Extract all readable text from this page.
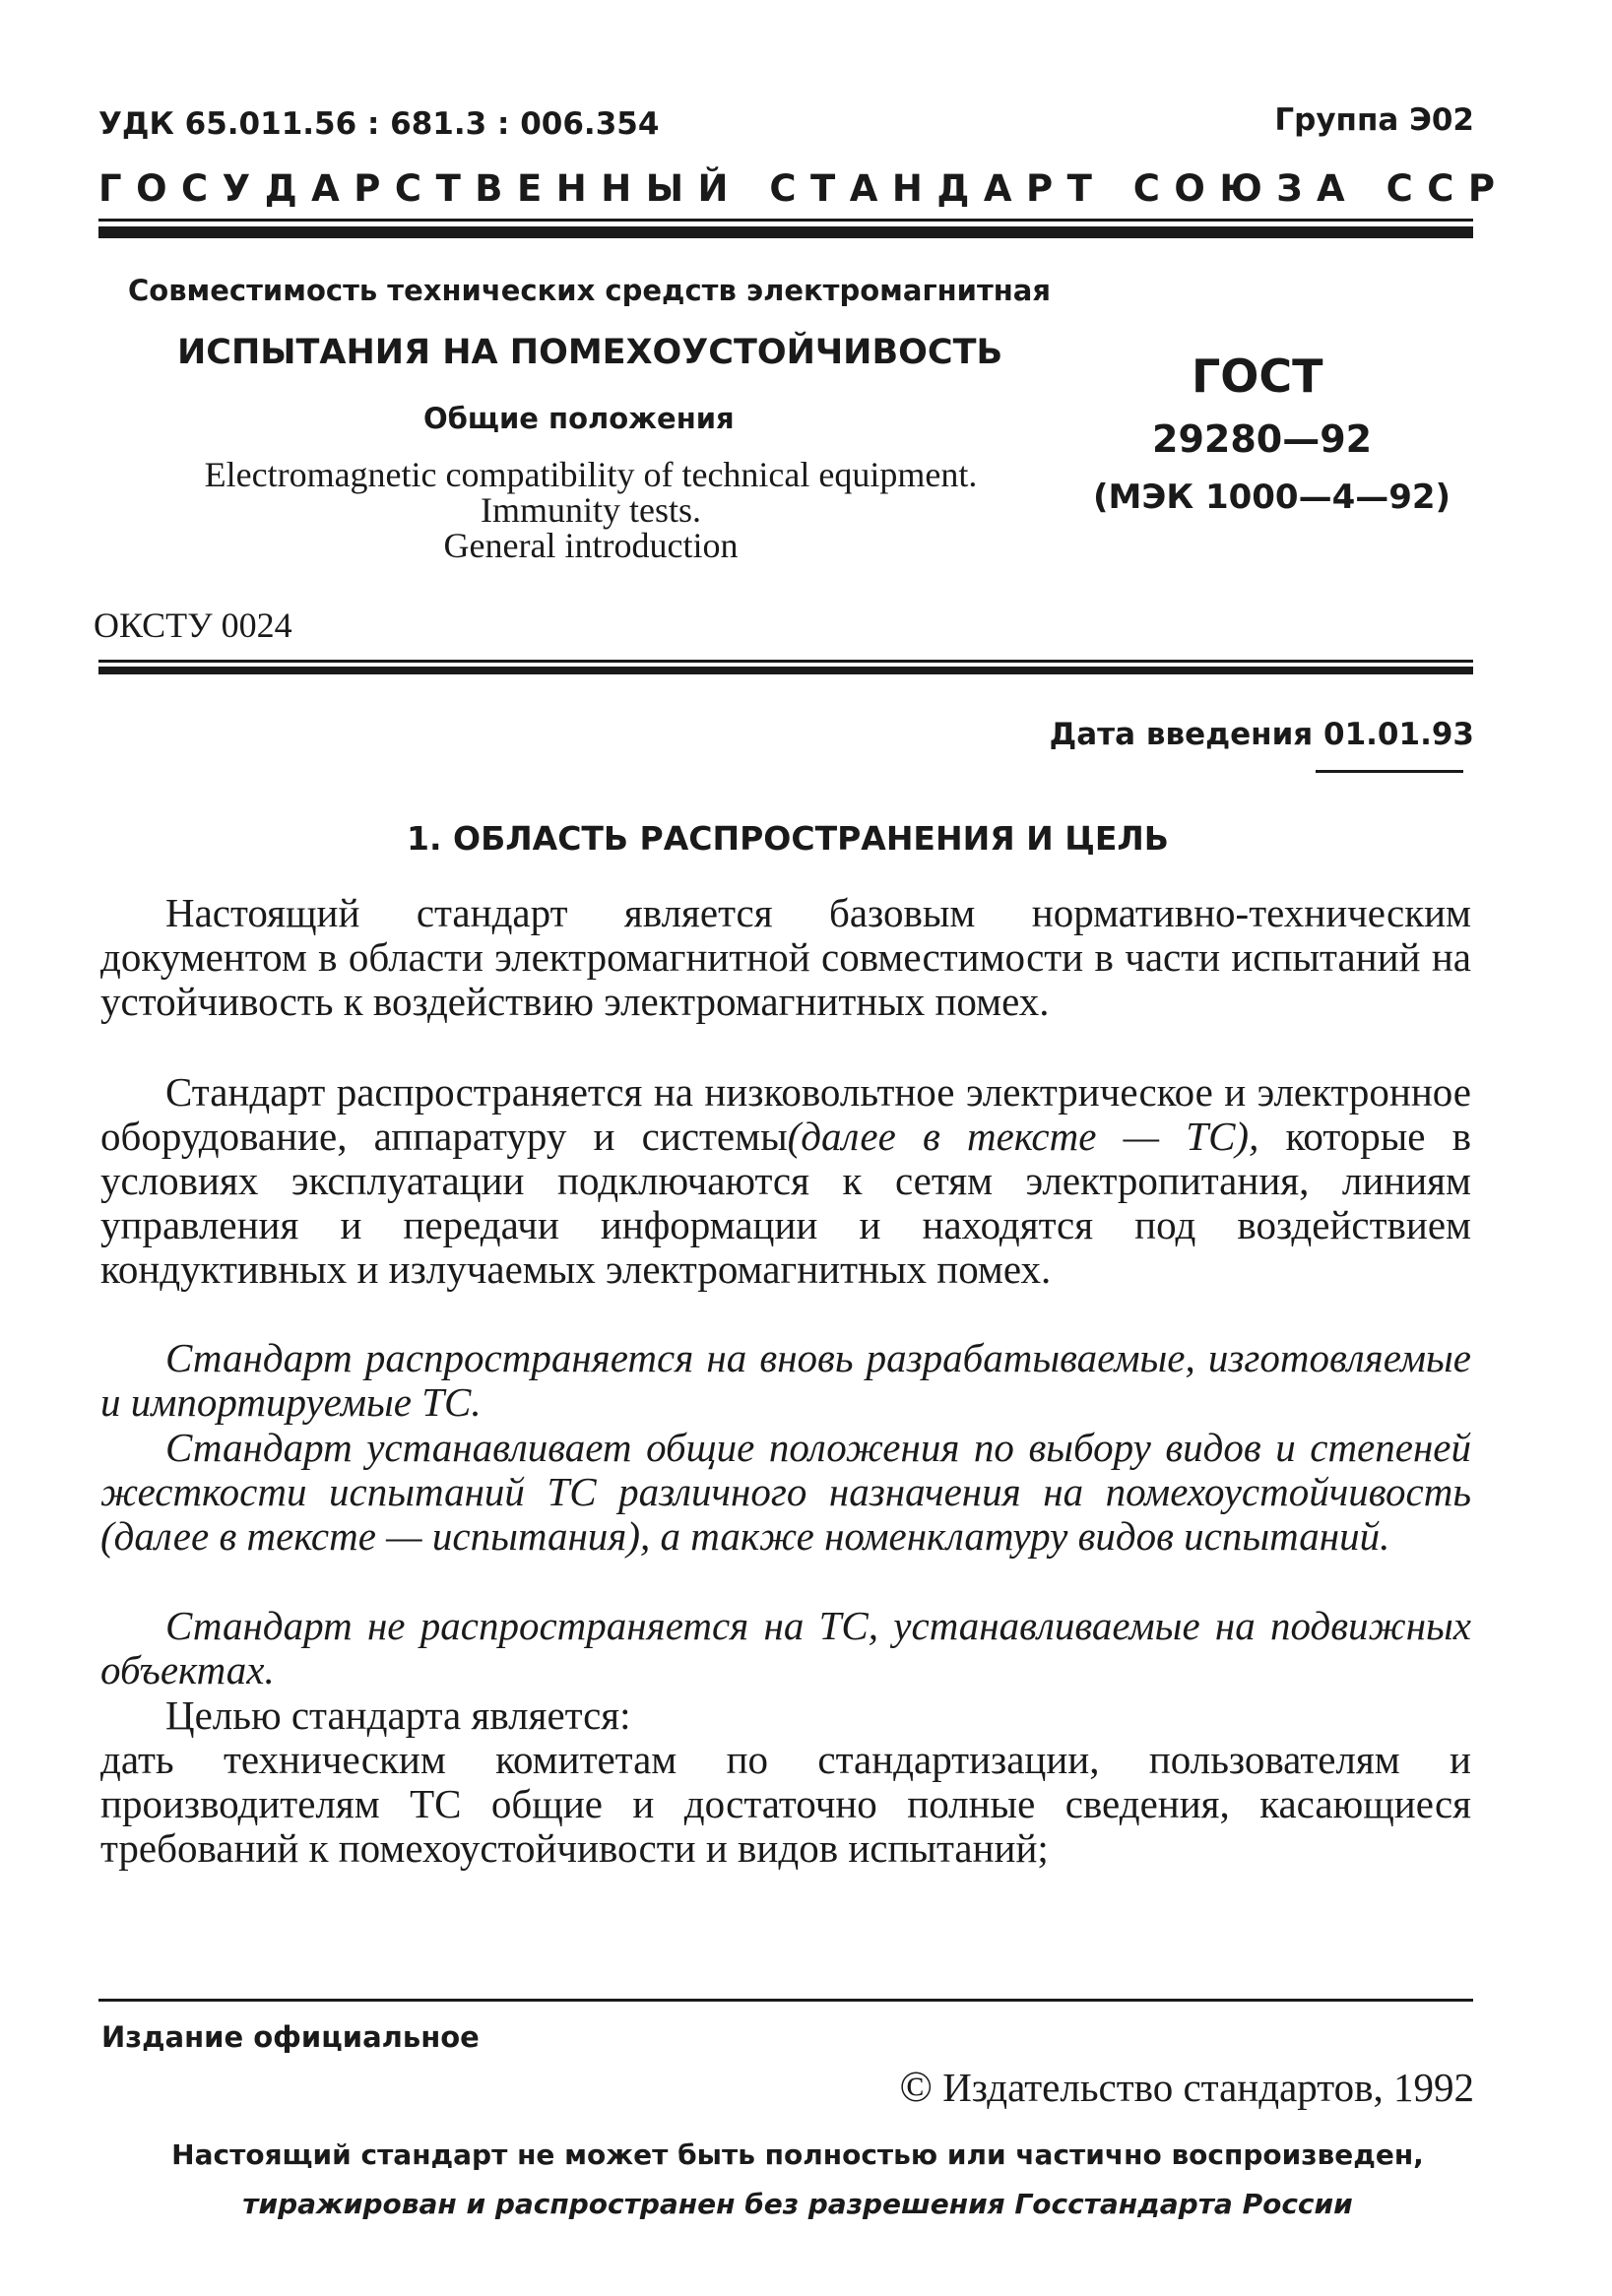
УДК 65.011.56 : 681.3 : 006.354	Группа Э02
ГОСУДАРСТВЕННЫЙ СТАНДАРТ СОЮЗА ССР
Совместимость технических средств электромагнитная
ИСПЫТАНИЯ НА ПОМЕХОУСТОЙЧИВОСТЬ
Общие положения
Electromagnetic compatibility of technical equipment.
Immunity tests.
General introduction
ГОСТ
29280—92
(МЭК 1000—4—92)
ОКСТУ 0024
Дата введения 01.01.93
1. ОБЛАСТЬ РАСПРОСТРАНЕНИЯ И ЦЕЛЬ

Настоящий стандарт является базовым нормативно-техническим документом в области электромагнитной совместимости в части испытаний на устойчивость к воздействию электромагнитных помех.

Стандарт распространяется на низковольтное электрическое и электронное оборудование, аппаратуру и системы(далее в тексте — ТС), которые в условиях эксплуатации подключаются к сетям электропитания, линиям управления и передачи информации и находятся под воздействием кондуктивных и излучаемых электромагнитных помех.

Стандарт распространяется на вновь разрабатываемые, изготовляемые и импортируемые ТС.

Стандарт устанавливает общие положения по выбору видов и степеней жесткости испытаний ТС различного назначения на помехоустойчивость (далее в тексте — испытания), а также номенклатуру видов испытаний.

Стандарт не распространяется на ТС, устанавливаемые на подвижных объектах.

Целью стандарта является:

дать техническим комитетам по стандартизации, пользователям и производителям ТС общие и достаточно полные сведения, касающиеся требований к помехоустойчивости и видов испытаний;

Издание официальное
© Издательство стандартов, 1992
Настоящий стандарт не может быть полностью или частично воспроизведен,
тиражирован и распространен без разрешения Госстандарта России
